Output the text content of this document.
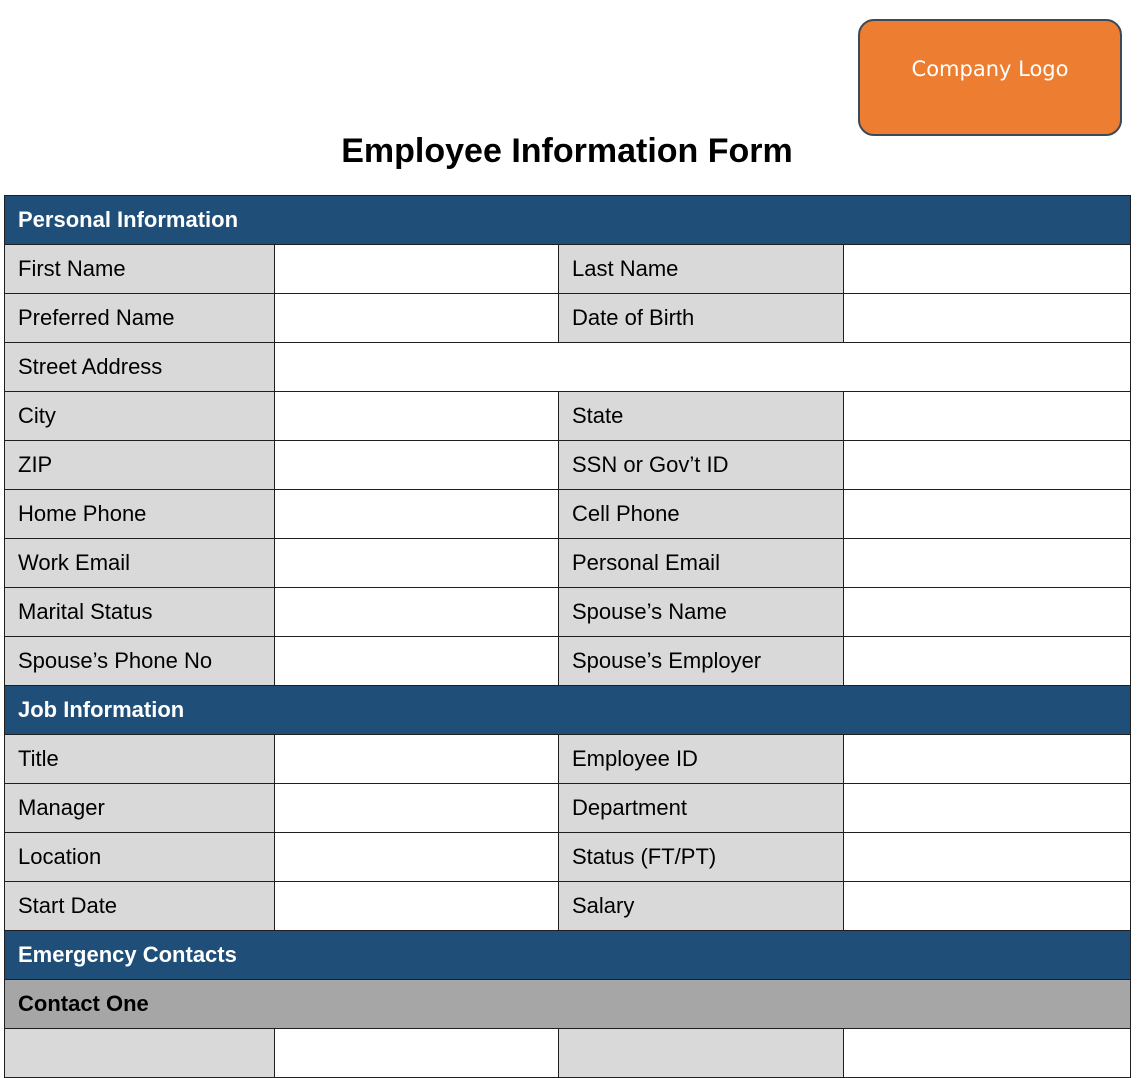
Company Logo
Employee Information Form
Personal Information			
First Name		Last Name	
Preferred Name		Date of Birth	
Street Address			
City		State	
ZIP		SSN or Gov’t ID	
Home Phone		Cell Phone	
Work Email		Personal Email	
Marital Status		Spouse’s Name	
Spouse’s Phone No		Spouse’s Employer	
Job Information			
Title		Employee ID	
Manager		Department	
Location		Status (FT/PT)	
Start Date		Salary	
Emergency Contacts			
Contact One			
